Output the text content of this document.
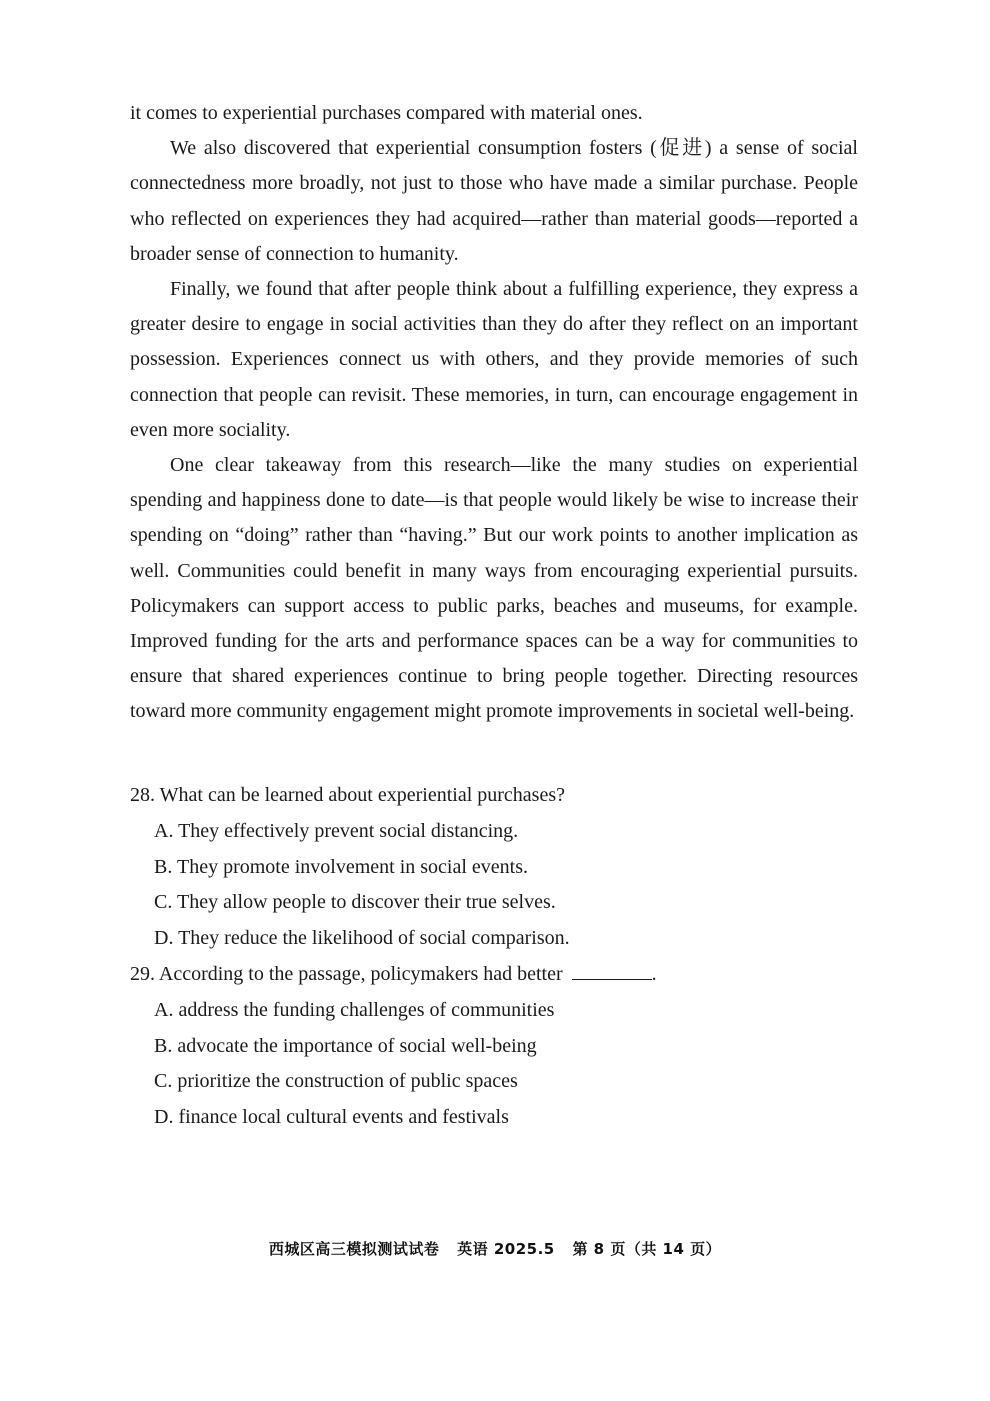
it comes to experiential purchases compared with material ones.

We also discovered that experiential consumption fosters (促进) a sense of social connectedness more broadly, not just to those who have made a similar purchase. People who reflected on experiences they had acquired—rather than material goods—reported a broader sense of connection to humanity.

Finally, we found that after people think about a fulfilling experience, they express a greater desire to engage in social activities than they do after they reflect on an important possession. Experiences connect us with others, and they provide memories of such connection that people can revisit. These memories, in turn, can encourage engagement in even more sociality.

One clear takeaway from this research—like the many studies on experiential spending and happiness done to date—is that people would likely be wise to increase their spending on “doing” rather than “having.” But our work points to another implication as well. Communities could benefit in many ways from encouraging experiential pursuits. Policymakers can support access to public parks, beaches and museums, for example. Improved funding for the arts and performance spaces can be a way for communities to ensure that shared experiences continue to bring people together. Directing resources toward more community engagement might promote improvements in societal well-being.

28. What can be learned about experiential purchases?

A. They effectively prevent social distancing.

B. They promote involvement in social events.

C. They allow people to discover their true selves.

D. They reduce the likelihood of social comparison.

29. According to the passage, policymakers had better	.

A. address the funding challenges of communities

B. advocate the importance of social well-being

C. prioritize the construction of public spaces

D. finance local cultural events and festivals

西城区高三模拟测试试卷 英语 2025.5 第 8 页（共 14 页）
